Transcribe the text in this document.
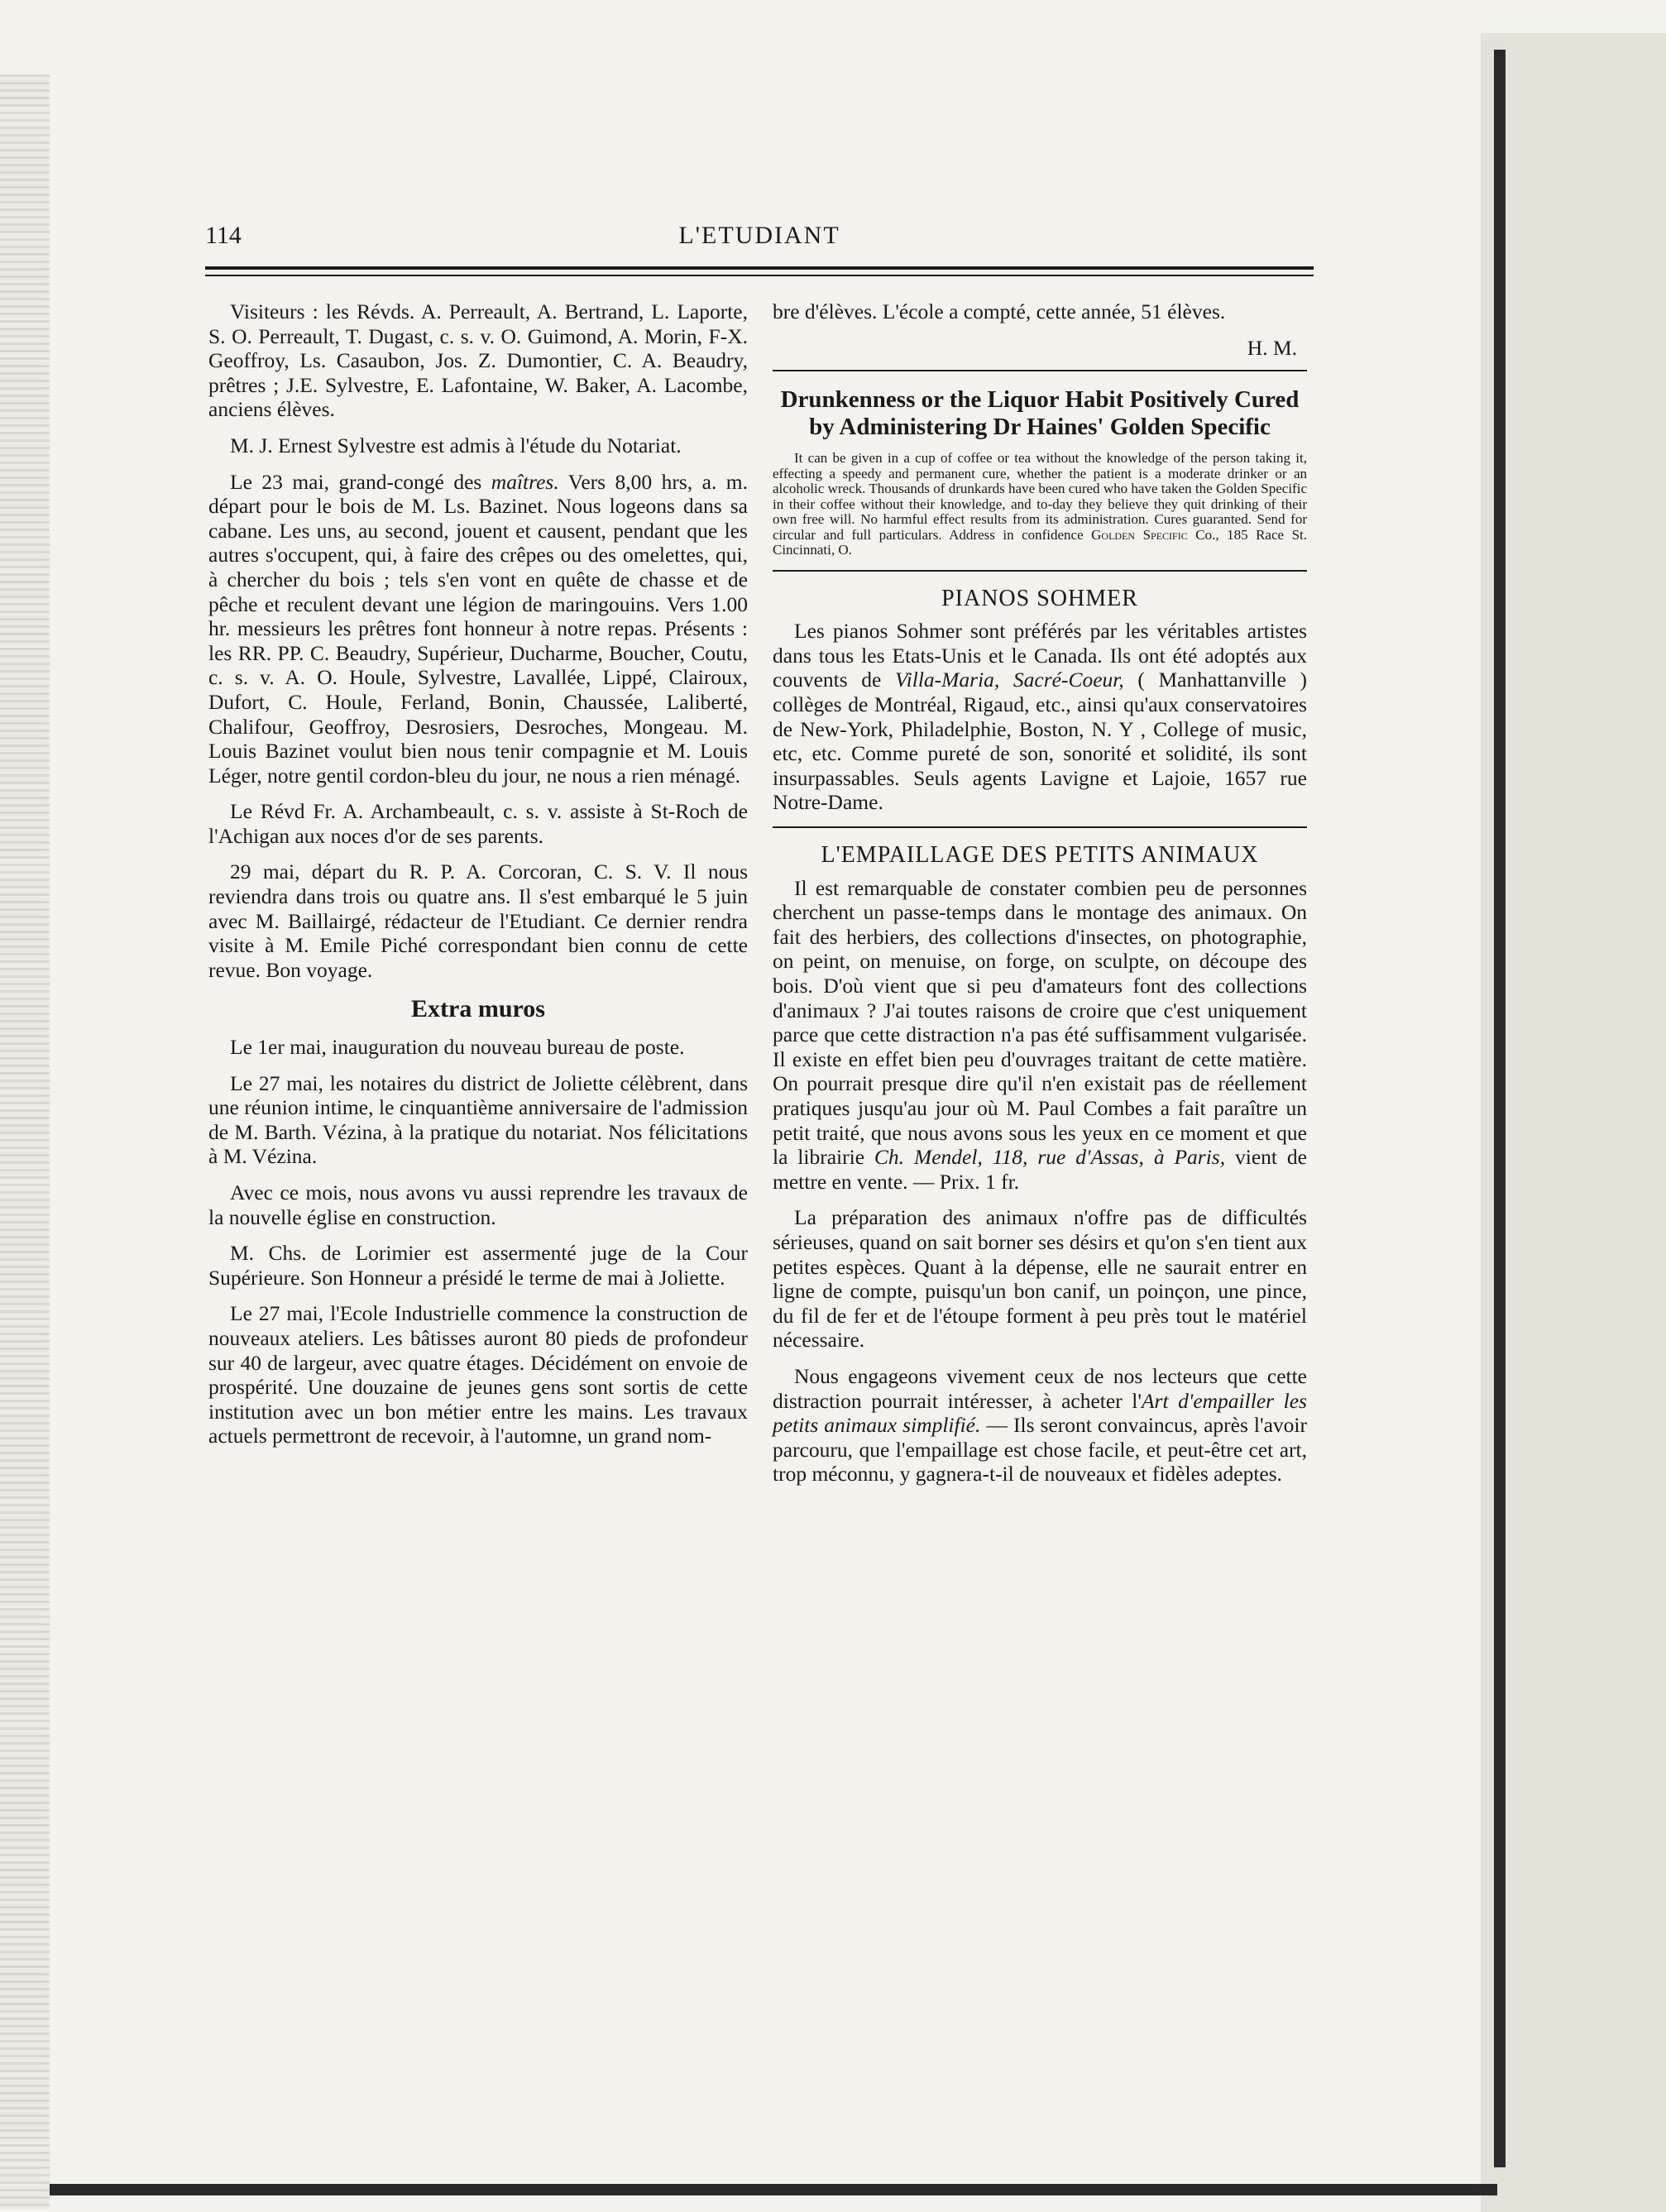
114	L'ETUDIANT

Visiteurs : les Révds. A. Perreault, A. Bertrand, L. Laporte, S. O. Perreault, T. Dugast, c. s. v. O. Guimond, A. Morin, F-X. Geoffroy, Ls. Casaubon, Jos. Z. Dumontier, C. A. Beaudry, prêtres ; J.E. Sylvestre, E. Lafontaine, W. Baker, A. Lacombe, anciens élèves.

M. J. Ernest Sylvestre est admis à l'étude du Notariat.

Le 23 mai, grand-congé des maîtres. Vers 8,00 hrs, a. m. départ pour le bois de M. Ls. Bazinet. Nous logeons dans sa cabane. Les uns, au second, jouent et causent, pendant que les autres s'occupent, qui, à faire des crêpes ou des omelettes, qui, à chercher du bois ; tels s'en vont en quête de chasse et de pêche et reculent devant une légion de maringouins. Vers 1.00 hr. messieurs les prêtres font honneur à notre repas. Présents : les RR. PP. C. Beaudry, Supérieur, Ducharme, Boucher, Coutu, c. s. v. A. O. Houle, Sylvestre, Lavallée, Lippé, Clairoux, Dufort, C. Houle, Ferland, Bonin, Chaussée, Laliberté, Chalifour, Geoffroy, Desrosiers, Desroches, Mongeau. M. Louis Bazinet voulut bien nous tenir compagnie et M. Louis Léger, notre gentil cordon-bleu du jour, ne nous a rien ménagé.

Le Révd Fr. A. Archambeault, c. s. v. assiste à St-Roch de l'Achigan aux noces d'or de ses parents.

29 mai, départ du R. P. A. Corcoran, C. S. V. Il nous reviendra dans trois ou quatre ans. Il s'est embarqué le 5 juin avec M. Baillairgé, rédacteur de l'Etudiant. Ce dernier rendra visite à M. Emile Piché correspondant bien connu de cette revue. Bon voyage.

Extra muros

Le 1er mai, inauguration du nouveau bureau de poste.

Le 27 mai, les notaires du district de Joliette célèbrent, dans une réunion intime, le cinquantième anniversaire de l'admission de M. Barth. Vézina, à la pratique du notariat. Nos félicitations à M. Vézina.

Avec ce mois, nous avons vu aussi reprendre les travaux de la nouvelle église en construction.

M. Chs. de Lorimier est assermenté juge de la Cour Supérieure. Son Honneur a présidé le terme de mai à Joliette.

Le 27 mai, l'Ecole Industrielle commence la construction de nouveaux ateliers. Les bâtisses auront 80 pieds de profondeur sur 40 de largeur, avec quatre étages. Décidément on envoie de prospérité. Une douzaine de jeunes gens sont sortis de cette institution avec un bon métier entre les mains. Les travaux actuels permettront de recevoir, à l'automne, un grand nom-

bre d'élèves. L'école a compté, cette année, 51 élèves.

H. M.
Drunkenness or the Liquor Habit Positively Cured by Administering Dr Haines' Golden Specific

It can be given in a cup of coffee or tea without the knowledge of the person taking it, effecting a speedy and permanent cure, whether the patient is a moderate drinker or an alcoholic wreck. Thousands of drunkards have been cured who have taken the Golden Specific in their coffee without their knowledge, and to-day they believe they quit drinking of their own free will. No harmful effect results from its administration. Cures guaranted. Send for circular and full particulars. Address in confidence Golden Specific Co., 185 Race St. Cincinnati, O.

PIANOS SOHMER

Les pianos Sohmer sont préférés par les véritables artistes dans tous les Etats-Unis et le Canada. Ils ont été adoptés aux couvents de Villa-Maria, Sacré-Coeur, ( Manhattanville ) collèges de Montréal, Rigaud, etc., ainsi qu'aux conservatoires de New-York, Philadelphie, Boston, N. Y , College of music, etc, etc. Comme pureté de son, sonorité et solidité, ils sont insurpassables. Seuls agents Lavigne et Lajoie, 1657 rue Notre-Dame.

L'EMPAILLAGE DES PETITS ANIMAUX

Il est remarquable de constater combien peu de personnes cherchent un passe-temps dans le montage des animaux. On fait des herbiers, des collections d'insectes, on photographie, on peint, on menuise, on forge, on sculpte, on découpe des bois. D'où vient que si peu d'amateurs font des collections d'animaux ? J'ai toutes raisons de croire que c'est uniquement parce que cette distraction n'a pas été suffisamment vulgarisée. Il existe en effet bien peu d'ouvrages traitant de cette matière. On pourrait presque dire qu'il n'en existait pas de réellement pratiques jusqu'au jour où M. Paul Combes a fait paraître un petit traité, que nous avons sous les yeux en ce moment et que la librairie Ch. Mendel, 118, rue d'Assas, à Paris, vient de mettre en vente. — Prix. 1 fr.

La préparation des animaux n'offre pas de difficultés sérieuses, quand on sait borner ses désirs et qu'on s'en tient aux petites espèces. Quant à la dépense, elle ne saurait entrer en ligne de compte, puisqu'un bon canif, un poinçon, une pince, du fil de fer et de l'étoupe forment à peu près tout le matériel nécessaire.

Nous engageons vivement ceux de nos lecteurs que cette distraction pourrait intéresser, à acheter l'Art d'empailler les petits animaux simplifié. — Ils seront convaincus, après l'avoir parcouru, que l'empaillage est chose facile, et peut-être cet art, trop méconnu, y gagnera-t-il de nouveaux et fidèles adeptes.
